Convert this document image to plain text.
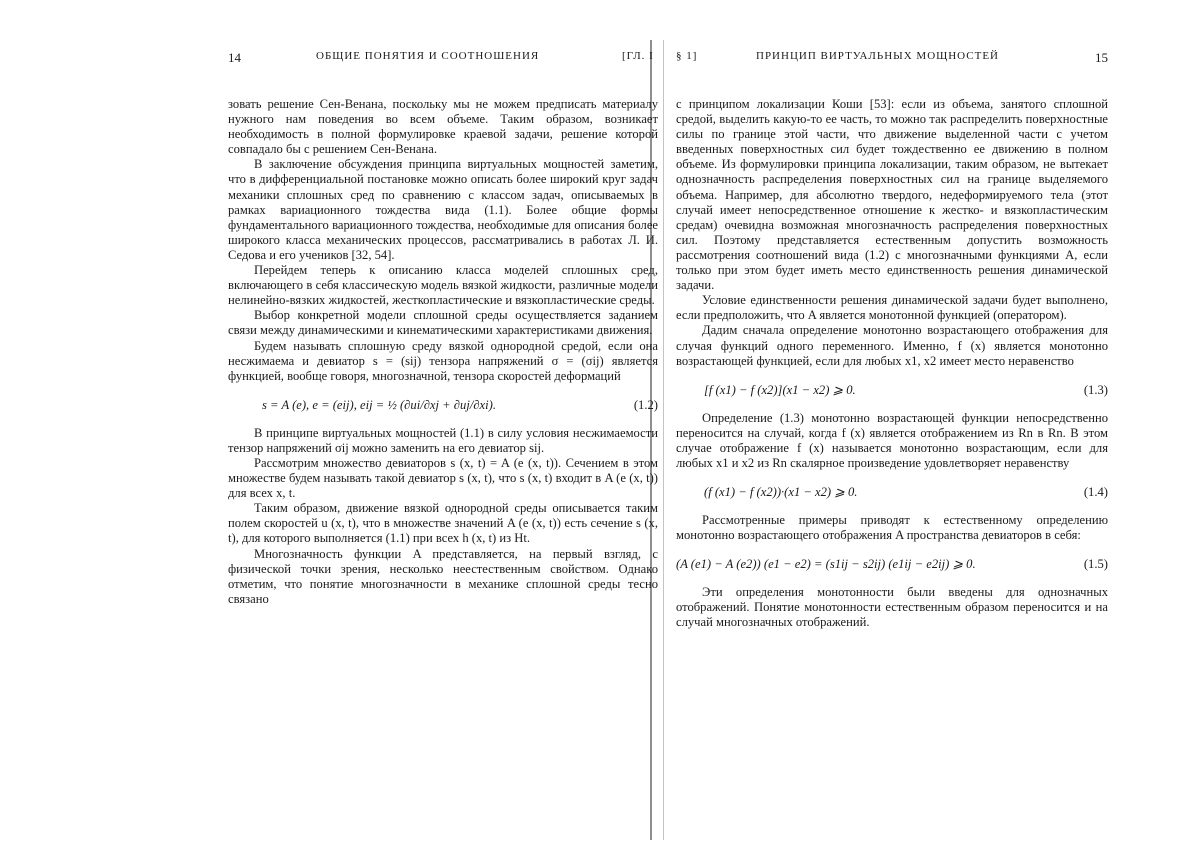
14	ОБЩИЕ ПОНЯТИЯ И СООТНОШЕНИЯ	[ГЛ. I

зовать решение Сен-Венана, поскольку мы не можем предписать материалу нужного нам поведения во всем объеме. Таким образом, возникает необходимость в полной формулировке краевой задачи, решение которой совпадало бы с решением Сен-Венана.

В заключение обсуждения принципа виртуальных мощностей заметим, что в дифференциальной постановке можно описать более широкий круг задач механики сплошных сред по сравнению с классом задач, описываемых в рамках вариационного тождества вида (1.1). Более общие формы фундаментального вариационного тождества, необходимые для описания более широкого класса механических процессов, рассматривались в работах Л. И. Седова и его учеников [32, 54].

Перейдем теперь к описанию класса моделей сплошных сред, включающего в себя классическую модель вязкой жидкости, различные модели нелинейно-вязких жидкостей, жесткопластические и вязкопластические среды.

Выбор конкретной модели сплошной среды осуществляется заданием связи между динамическими и кинематическими характеристиками движения.

Будем называть сплошную среду вязкой однородной средой, если она несжимаема и девиатор s = (sij) тензора напряжений σ = (σij) является функцией, вообще говоря, многозначной, тензора скоростей деформаций

s = A (e), e = (eij), eij = ½ (∂ui/∂xj + ∂uj/∂xi).	(1.2)

В принципе виртуальных мощностей (1.1) в силу условия несжимаемости тензор напряжений σij можно заменить на его девиатор sij.

Рассмотрим множество девиаторов s (x, t) = A (e (x, t)). Сечением в этом множестве будем называть такой девиатор s (x, t), что s (x, t) входит в A (e (x, t)) для всех x, t.

Таким образом, движение вязкой однородной среды описывается таким полем скоростей u (x, t), что в множестве значений A (e (x, t)) есть сечение s (x, t), для которого выполняется (1.1) при всех h (x, t) из Ht.

Многозначность функции A представляется, на первый взгляд, с физической точки зрения, несколько неестественным свойством. Однако отметим, что понятие многозначности в механике сплошной среды тесно связано

§ 1]	ПРИНЦИП ВИРТУАЛЬНЫХ МОЩНОСТЕЙ	15

с принципом локализации Коши [53]: если из объема, занятого сплошной средой, выделить какую-то ее часть, то можно так распределить поверхностные силы по границе этой части, что движение выделенной части с учетом введенных поверхностных сил будет тождественно ее движению в полном объеме. Из формулировки принципа локализации, таким образом, не вытекает однозначность распределения поверхностных сил на границе выделяемого объема. Например, для абсолютно твердого, недеформируемого тела (этот случай имеет непосредственное отношение к жестко- и вязкопластическим средам) очевидна возможная многозначность распределения поверхностных сил. Поэтому представляется естественным допустить возможность рассмотрения соотношений вида (1.2) с многозначными функциями A, если только при этом будет иметь место единственность решения динамической задачи.

Условие единственности решения динамической задачи будет выполнено, если предположить, что A является монотонной функцией (оператором).

Дадим сначала определение монотонно возрастающего отображения для случая функций одного переменного. Именно, f (x) является монотонно возрастающей функцией, если для любых x1, x2 имеет место неравенство

[f (x1) − f (x2)](x1 − x2) ⩾ 0.	(1.3)

Определение (1.3) монотонно возрастающей функции непосредственно переносится на случай, когда f (x) является отображением из Rn в Rn. В этом случае отображение f (x) называется монотонно возрастающим, если для любых x1 и x2 из Rn скалярное произведение удовлетворяет неравенству

(f (x1) − f (x2))·(x1 − x2) ⩾ 0.	(1.4)

Рассмотренные примеры приводят к естественному определению монотонно возрастающего отображения A пространства девиаторов в себя:

(A (e1) − A (e2)) (e1 − e2) = (s1ij − s2ij) (e1ij − e2ij) ⩾ 0.	(1.5)

Эти определения монотонности были введены для однозначных отображений. Понятие монотонности естественным образом переносится и на случай многозначных отображений.
